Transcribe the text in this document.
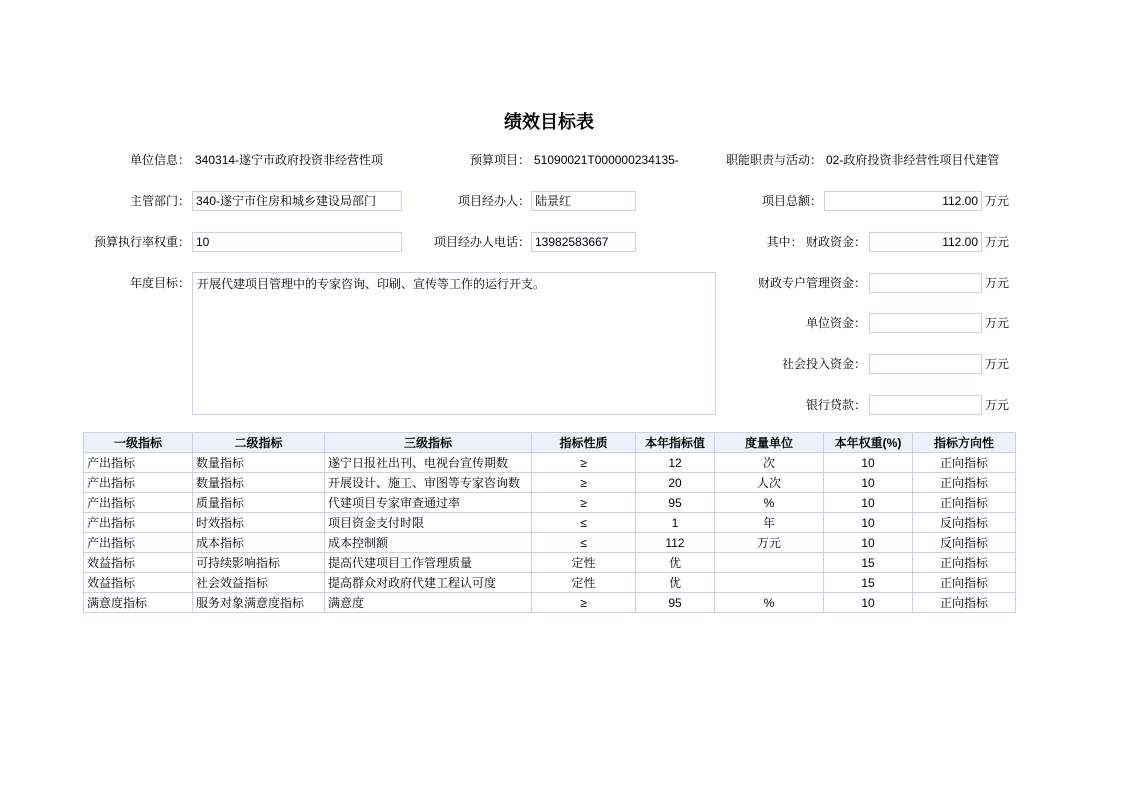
绩效目标表
单位信息： 340314-遂宁市政府投资非经营性项	预算项目： 51090021T000000234135-	职能职责与活动： 02-政府投资非经营性项目代建管
主管部门： 340-遂宁市住房和城乡建设局部门	项目经办人： 陆景红	项目总额：	112.00 万元
预算执行率权重： 10	项目经办人电话： 13982583667	其中： 财政资金：	112.00 万元
年度目标： 开展代建项目管理中的专家咨询、印刷、宣传等工作的运行开支。	财政专户管理资金：	万元
单位资金：	万元
社会投入资金：	万元
银行贷款：	万元
一级指标	二级指标	三级指标	指标性质	本年指标值	度量单位	本年权重(%)	指标方向性
产出指标	数量指标	遂宁日报社出刊、电视台宣传期数	≥	12	次	10	正向指标
产出指标	数量指标	开展设计、施工、审图等专家咨询数	≥	20	人次	10	正向指标
产出指标	质量指标	代建项目专家审查通过率	≥	95	%	10	正向指标
产出指标	时效指标	项目资金支付时限	≤	1	年	10	反向指标
产出指标	成本指标	成本控制额	≤	112	万元	10	反向指标
效益指标	可持续影响指标	提高代建项目工作管理质量	定性	优		15	正向指标
效益指标	社会效益指标	提高群众对政府代建工程认可度	定性	优		15	正向指标
满意度指标	服务对象满意度指标	满意度	≥	95	%	10	正向指标
